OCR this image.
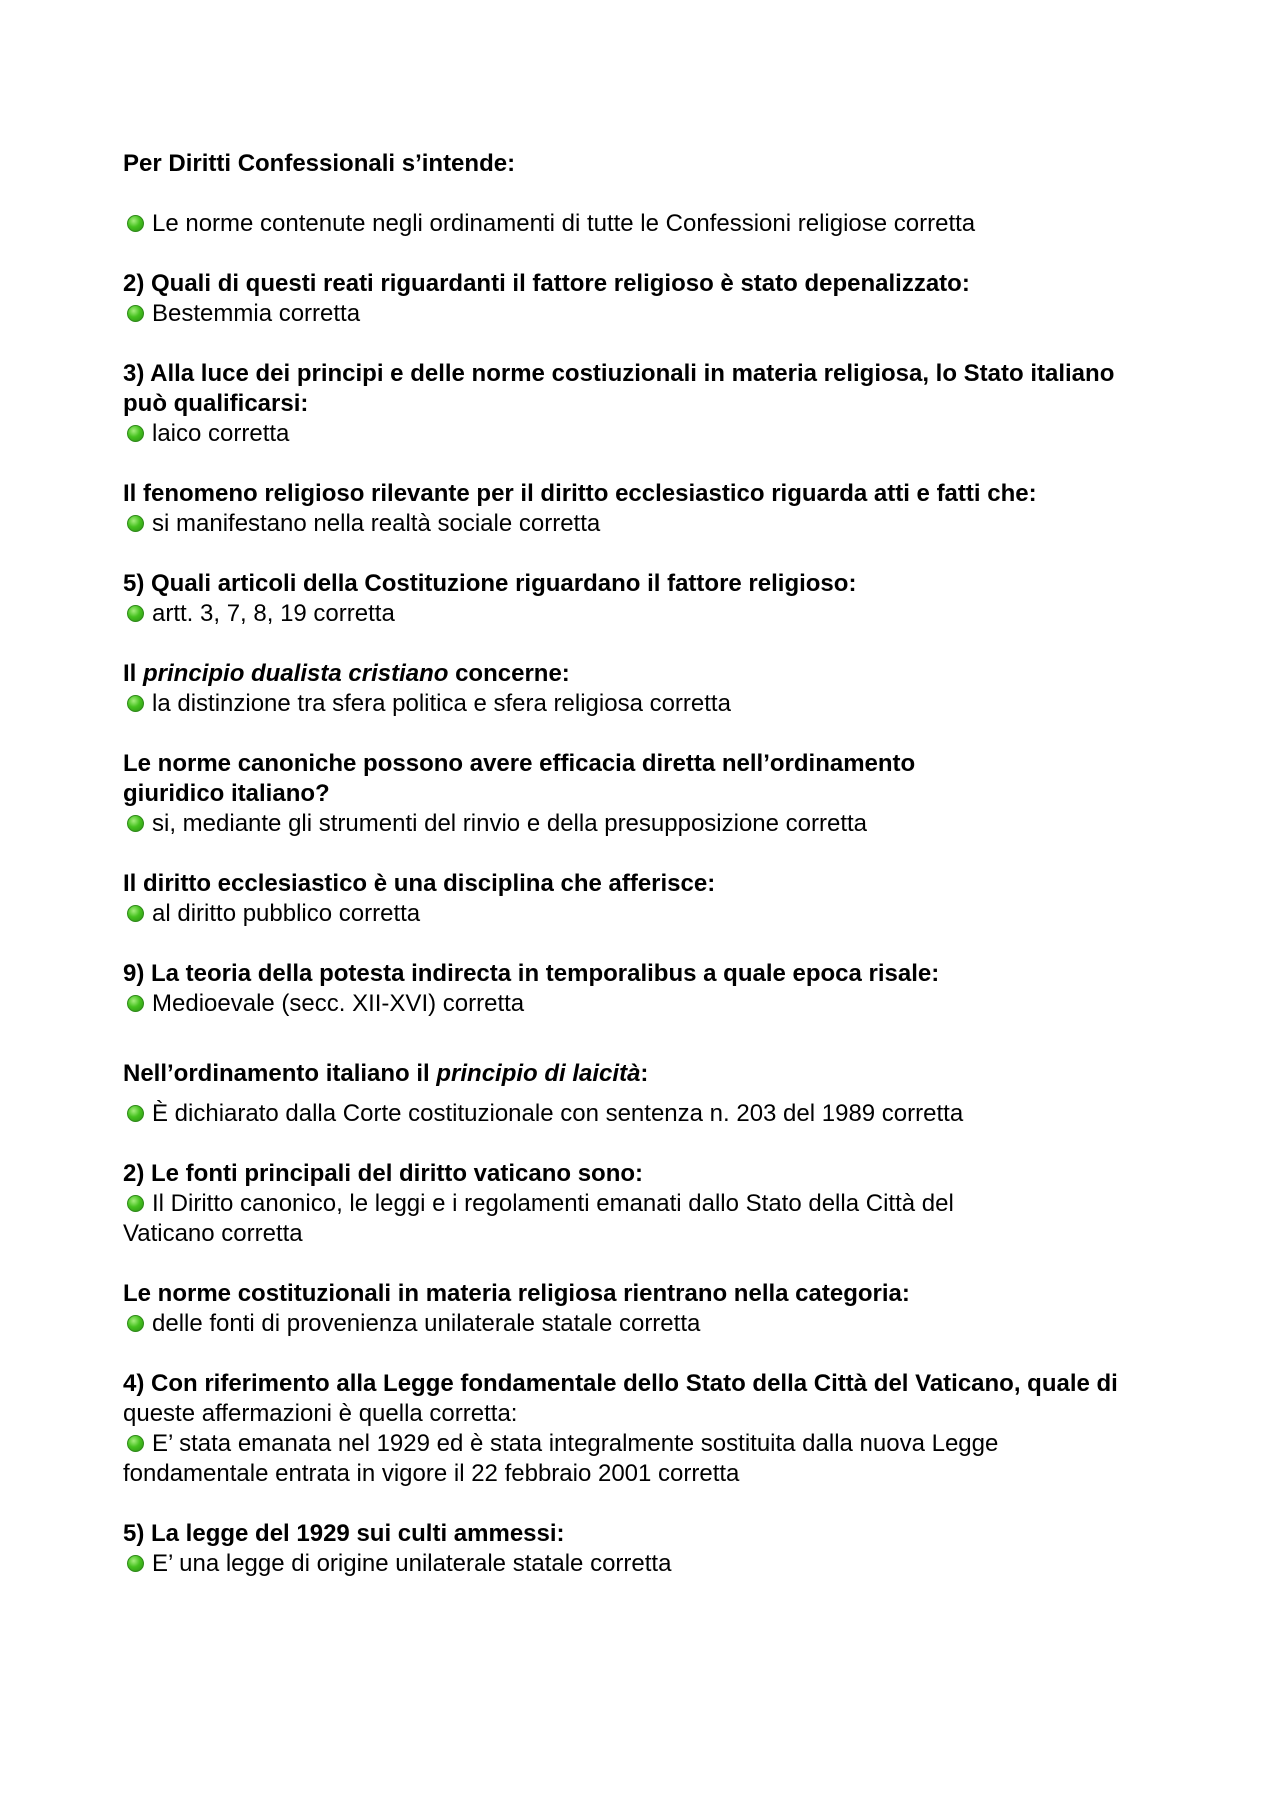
Per Diritti Confessionali s’intende:

Le norme contenute negli ordinamenti di tutte le Confessioni religiose corretta

2) Quali di questi reati riguardanti il fattore religioso è stato depenalizzato:

Bestemmia corretta

3) Alla luce dei principi e delle norme costiuzionali in materia religiosa, lo Stato italiano può qualificarsi:

laico corretta

Il fenomeno religioso rilevante per il diritto ecclesiastico riguarda atti e fatti che:

si manifestano nella realtà sociale corretta

5) Quali articoli della Costituzione riguardano il fattore religioso:

artt. 3, 7, 8, 19 corretta

Il principio dualista cristiano concerne:

la distinzione tra sfera politica e sfera religiosa corretta

Le norme canoniche possono avere efficacia diretta nell’ordinamento giuridico italiano?

si, mediante gli strumenti del rinvio e della presupposizione corretta

Il diritto ecclesiastico è una disciplina che afferisce:

al diritto pubblico corretta

9) La teoria della potesta indirecta in temporalibus a quale epoca risale:

Medioevale (secc. XII-XVI) corretta

Nell’ordinamento italiano il principio di laicità:

È dichiarato dalla Corte costituzionale con sentenza n. 203 del 1989 corretta

2) Le fonti principali del diritto vaticano sono:

Il Diritto canonico, le leggi e i regolamenti emanati dallo Stato della Città del Vaticano corretta

Le norme costituzionali in materia religiosa rientrano nella categoria:

delle fonti di provenienza unilaterale statale corretta

4) Con riferimento alla Legge fondamentale dello Stato della Città del Vaticano, quale di queste affermazioni è quella corretta:

E’ stata emanata nel 1929 ed è stata integralmente sostituita dalla nuova Legge fondamentale entrata in vigore il 22 febbraio 2001 corretta

5) La legge del 1929 sui culti ammessi:

E’ una legge di origine unilaterale statale corretta
